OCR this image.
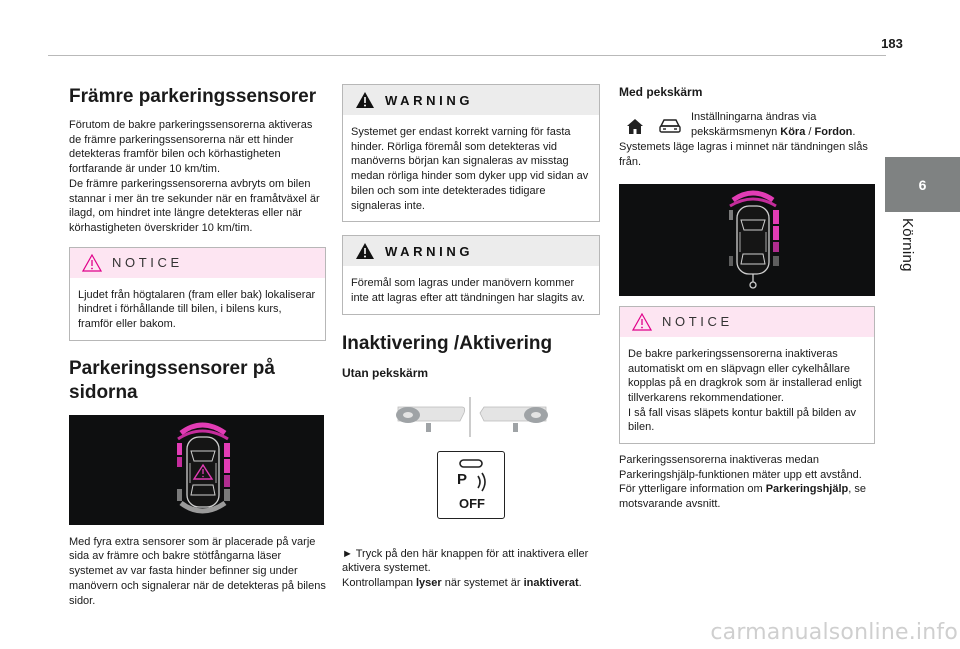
183
6
Körning
Främre parkeringssensorer

Förutom de bakre parkeringssensorerna aktiveras de främre parkeringssensorerna när ett hinder detekteras framför bilen och körhastigheten fortfarande är under 10 km/tim.

De främre parkeringssensorerna avbryts om bilen stannar i mer än tre sekunder när en framåtväxel är ilagd, om hindret inte längre detekteras eller när körhastigheten överskrider 10 km/tim.

NOTICE

Ljudet från högtalaren (fram eller bak) lokaliserar hindret i förhållande till bilen, i bilens kurs, framför eller bakom.

Parkeringssensorer på sidorna

Med fyra extra sensorer som är placerade på varje sida av främre och bakre stötfångarna läser systemet av var fasta hinder befinner sig under manövern och signalerar när de detekteras på bilens sidor.

WARNING

Systemet ger endast korrekt varning för fasta hinder. Rörliga föremål som detekteras vid manöverns början kan signaleras av misstag medan rörliga hinder som dyker upp vid sidan av bilen och som inte detekterades tidigare signaleras inte.

WARNING

Föremål som lagras under manövern kommer inte att lagras efter att tändningen har slagits av.

Inaktivering /Aktivering
Utan pekskärm
P
OFF

► Tryck på den här knappen för att inaktivera eller aktivera systemet.

Kontrollampan lyser när systemet är inaktiverat.

Med pekskärm

Inställningarna ändras via pekskärmsmenyn Köra / Fordon.

Systemets läge lagras i minnet när tändningen slås från.

NOTICE

De bakre parkeringssensorerna inaktiveras automatiskt om en släpvagn eller cykelhållare kopplas på en dragkrok som är installerad enligt tillverkarens rekommendationer.

I så fall visas släpets kontur baktill på bilden av bilen.

Parkeringssensorerna inaktiveras medan Parkeringshjälp-funktionen mäter upp ett avstånd.

För ytterligare information om Parkeringshjälp, se motsvarande avsnitt.

carmanualsonline.info
